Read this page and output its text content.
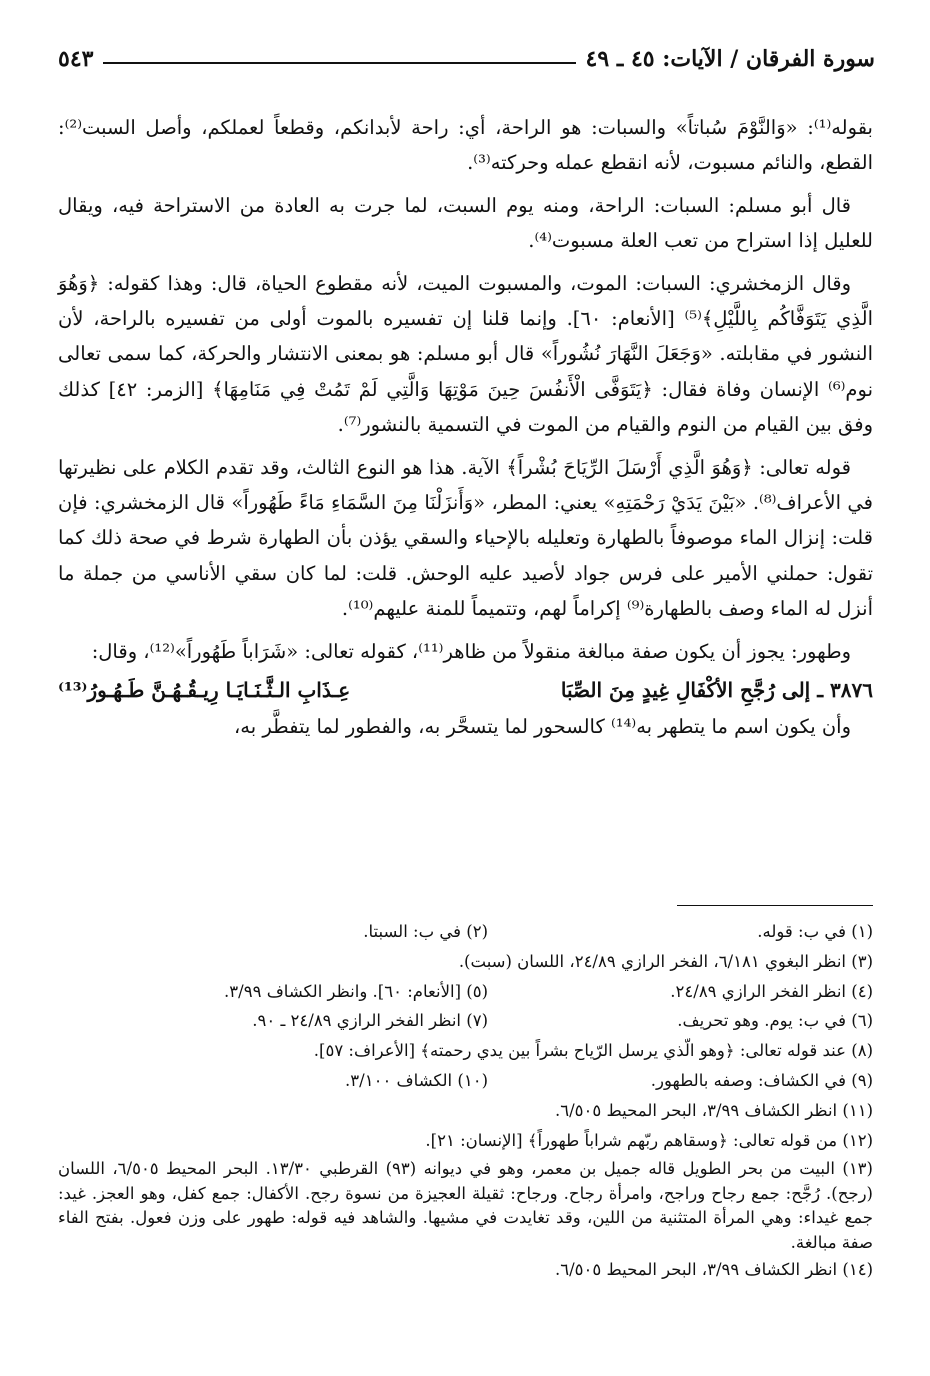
سورة الفرقان / الآيات: ٤٥ ـ ٤٩
٥٤٣

بقوله⁽¹⁾: «وَالنَّوْمَ سُباتاً» والسبات: هو الراحة، أي: راحة لأبدانكم، وقطعاً لعملكم، وأصل السبت⁽²⁾: القطع، والنائم مسبوت، لأنه انقطع عمله وحركته⁽³⁾.

قال أبو مسلم: السبات: الراحة، ومنه يوم السبت، لما جرت به العادة من الاستراحة فيه، ويقال للعليل إذا استراح من تعب العلة مسبوت⁽⁴⁾.

وقال الزمخشري: السبات: الموت، والمسبوت الميت، لأنه مقطوع الحياة، قال: وهذا كقوله: ﴿وَهُوَ الَّذِي يَتَوَفَّاكُم بِاللَّيْلِ﴾⁽⁵⁾ [الأنعام: ٦٠]. وإنما قلنا إن تفسيره بالموت أولى من تفسيره بالراحة، لأن النشور في مقابلته. «وَجَعَلَ النَّهَارَ نُشُوراً» قال أبو مسلم: هو بمعنى الانتشار والحركة، كما سمى تعالى نوم⁽⁶⁾ الإنسان وفاة فقال: ﴿يَتَوَفَّى الْأَنفُسَ حِينَ مَوْتِهَا وَالَّتِي لَمْ تَمُتْ فِي مَنَامِهَا﴾ [الزمر: ٤٢] كذلك وفق بين القيام من النوم والقيام من الموت في التسمية بالنشور⁽⁷⁾.

قوله تعالى: ﴿وَهُوَ الَّذِي أَرْسَلَ الرِّيَاحَ بُشْراً﴾ الآية. هذا هو النوع الثالث، وقد تقدم الكلام على نظيرتها في الأعراف⁽⁸⁾. «بَيْنَ يَدَيْ رَحْمَتِهِ» يعني: المطر، «وَأَنزَلْنَا مِنَ السَّمَاءِ مَاءً طَهُوراً» قال الزمخشري: فإن قلت: إنزال الماء موصوفاً بالطهارة وتعليله بالإحياء والسقي يؤذن بأن الطهارة شرط في صحة ذلك كما تقول: حملني الأمير على فرس جواد لأصيد عليه الوحش. قلت: لما كان سقي الأناسي من جملة ما أنزل له الماء وصف بالطهارة⁽⁹⁾ إكراماً لهم، وتتميماً للمنة عليهم⁽¹⁰⁾.

وطهور: يجوز أن يكون صفة مبالغة منقولاً من ظاهر⁽¹¹⁾، كقوله تعالى: «شَرَاباً طَهُوراً»⁽¹²⁾، وقال:

٣٨٧٦ ـ إلى رُجَّحِ الأكْفَالِ غِيدٍ مِنَ الصِّبَا
عِـذَابِ الـثَّـنَـايَـا رِيـقُـهُـنَّ طَـهُـورُ⁽¹³⁾

وأن يكون اسم ما يتطهر به⁽¹⁴⁾ كالسحور لما يتسحَّر به، والفطور لما يتفطَّر به،

(١) في ب: قوله.
(٢) في ب: السبتا.
(٣) انظر البغوي ٦/١٨١، الفخر الرازي ٢٤/٨٩، اللسان (سبت).
(٤) انظر الفخر الرازي ٢٤/٨٩.
(٥) [الأنعام: ٦٠]. وانظر الكشاف ٣/٩٩.
(٦) في ب: يوم. وهو تحريف.
(٧) انظر الفخر الرازي ٢٤/٨٩ ـ ٩٠.
(٨) عند قوله تعالى: ﴿وهو الّذي يرسل الرّياح بشراً بين يدي رحمته﴾ [الأعراف: ٥٧].
(٩) في الكشاف: وصفه بالطهور.
(١٠) الكشاف ٣/١٠٠.
(١١) انظر الكشاف ٣/٩٩، البحر المحيط ٦/٥٠٥.
(١٢) من قوله تعالى: ﴿وسقاهم ربّهم شراباً طهوراً﴾ [الإنسان: ٢١].
(١٣) البيت من بحر الطويل قاله جميل بن معمر، وهو في ديوانه (٩٣) القرطبي ١٣/٣٠. البحر المحيط ٦/٥٠٥، اللسان (رجح). رُجَّح: جمع رجاح وراجح، وامرأة رجاح. ورجاح: ثقيلة العجيزة من نسوة رجح. الأكفال: جمع كفل، وهو العجز. غيد: جمع غيداء: وهي المرأة المتثنية من اللين، وقد تغايدت في مشيها. والشاهد فيه قوله: طهور على وزن فعول. بفتح الفاء صفة مبالغة.
(١٤) انظر الكشاف ٣/٩٩، البحر المحيط ٦/٥٠٥.
